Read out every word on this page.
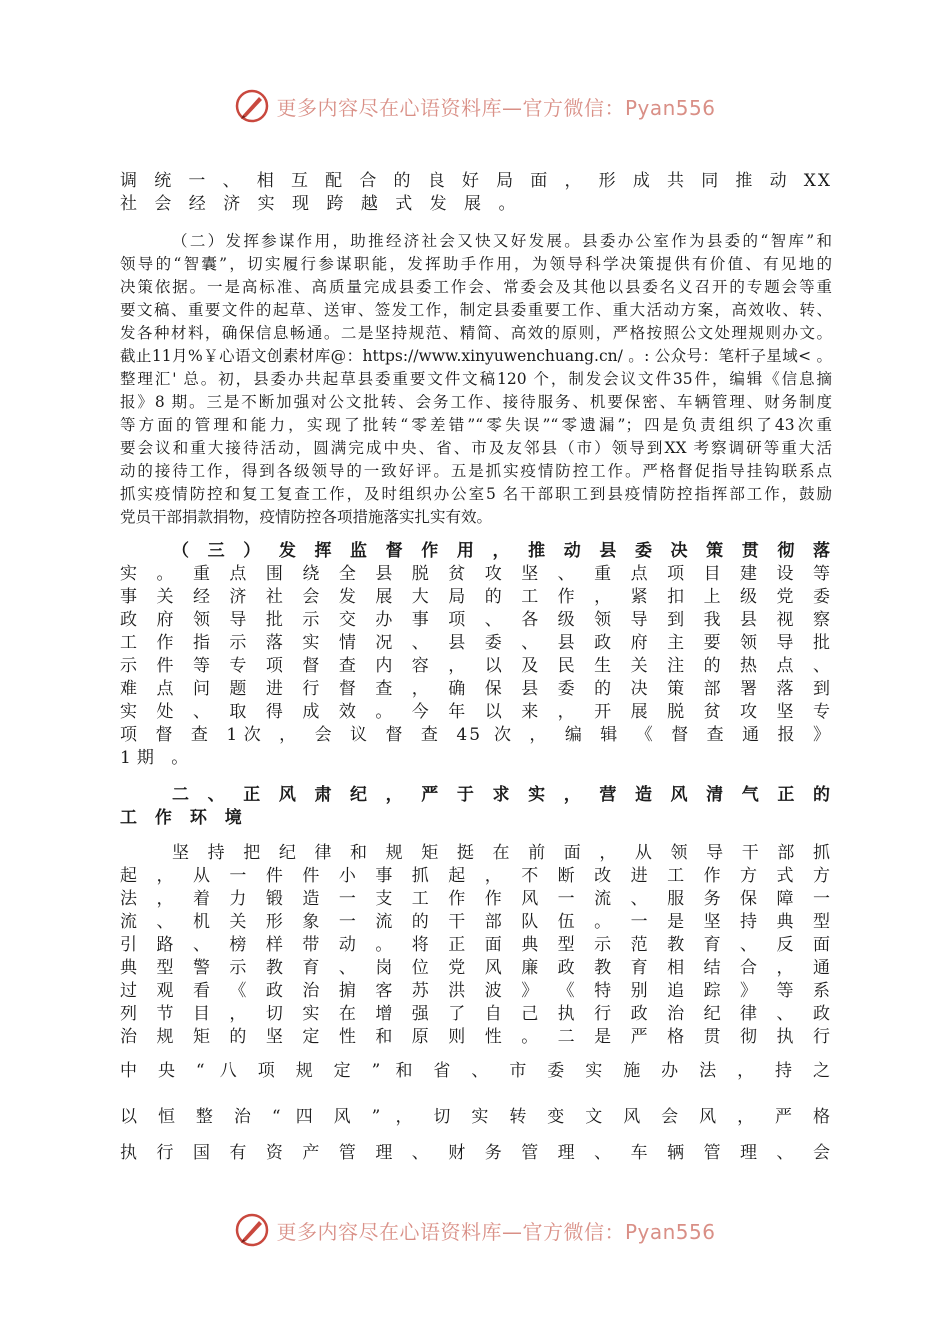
更多内容尽在心语资料库—官方微信：Pyan556
调 统 一 、 相 互 配 合 的 良 好 局 面 ， 形 成 共 同 推 动 XX
社 会 经 济 实 现 跨 越 式 发 展 。
（二）发挥参谋作用，助推经济社会又快又好发展。县委办公室作为县委的“智库”和
领导的“智囊”，切实履行参谋职能，发挥助手作用，为领导科学决策提供有价值、有见地的
决策依据。一是高标准、高质量完成县委工作会、常委会及其他以县委名义召开的专题会等重
要文稿、重要文件的起草、送审、签发工作，制定县委重要工作、重大活动方案，高效收、转、
发各种材料，确保信息畅通。二是坚持规范、精简、高效的原则，严格按照公文处理规则办文。
截止11月%￥心语文创素材库@：https://www.xinyuwenchuang.cn/ 。: 公众号：笔杆子星域< 。
整理汇' 总。初，县委办共起草县委重要文件文稿120 个，制发会议文件35件，编辑《信息摘
报》8 期。三是不断加强对公文批转、会务工作、接待服务、机要保密、车辆管理、财务制度
等方面的管理和能力，实现了批转“零差错”“零失误”“零遗漏”；四是负责组织了43次重
要会议和重大接待活动，圆满完成中央、省、市及友邻县（市）领导到XX 考察调研等重大活
动的接待工作，得到各级领导的一致好评。五是抓实疫情防控工作。严格督促指导挂钩联系点
抓实疫情防控和复工复查工作，及时组织办公室5 名干部职工到县疫情防控指挥部工作，鼓励
党员干部捐款捐物，疫情防控各项措施落实扎实有效。
（ 三 ） 发 挥 监 督 作 用 ， 推 动 县 委 决 策 贯 彻 落
实 。 重 点 围 绕 全 县 脱 贫 攻 坚 、 重 点 项 目 建 设 等
事 关 经 济 社 会 发 展 大 局 的 工 作 ， 紧 扣 上 级 党 委
政 府 领 导 批 示 交 办 事 项 、 各 级 领 导 到 我 县 视 察
工 作 指 示 落 实 情 况 、 县 委 、 县 政 府 主 要 领 导 批
示 件 等 专 项 督 查 内 容 ， 以 及 民 生 关 注 的 热 点 、
难 点 问 题 进 行 督 查 ， 确 保 县 委 的 决 策 部 署 落 到
实 处 、 取 得 成 效 。 今 年 以 来 ， 开 展 脱 贫 攻 坚 专
项 督 查 1次 ， 会 议 督 查 45 次 ， 编 辑 《 督 查 通 报 》
1期 。
二 、 正 风 肃 纪 ， 严 于 求 实 ， 营 造 风 清 气 正 的
工 作 环 境
坚 持 把 纪 律 和 规 矩 挺 在 前 面 ， 从 领 导 干 部 抓
起 ， 从 一 件 件 小 事 抓 起 ， 不 断 改 进 工 作 方 式 方
法 ， 着 力 锻 造 一 支 工 作 作 风 一 流 、 服 务 保 障 一
流 、 机 关 形 象 一 流 的 干 部 队 伍 。 一 是 坚 持 典 型
引 路 、 榜 样 带 动 。 将 正 面 典 型 示 范 教 育 、 反 面
典 型 警 示 教 育 、 岗 位 党 风 廉 政 教 育 相 结 合 ， 通
过 观 看 《 政 治 掮 客 苏 洪 波 》 《 特 别 追 踪 》 等 系
列 节 目 ， 切 实 在 增 强 了 自 己 执 行 政 治 纪 律 、 政
治 规 矩 的 坚 定 性 和 原 则 性 。 二 是 严 格 贯 彻 执 行
中 央 “ 八 项 规 定 ” 和 省 、 市 委 实 施 办 法 ， 持 之
以 恒 整 治 “ 四 风 ” ， 切 实 转 变 文 风 会 风 ， 严 格
执 行 国 有 资 产 管 理 、 财 务 管 理 、 车 辆 管 理 、 会
更多内容尽在心语资料库—官方微信：Pyan556
